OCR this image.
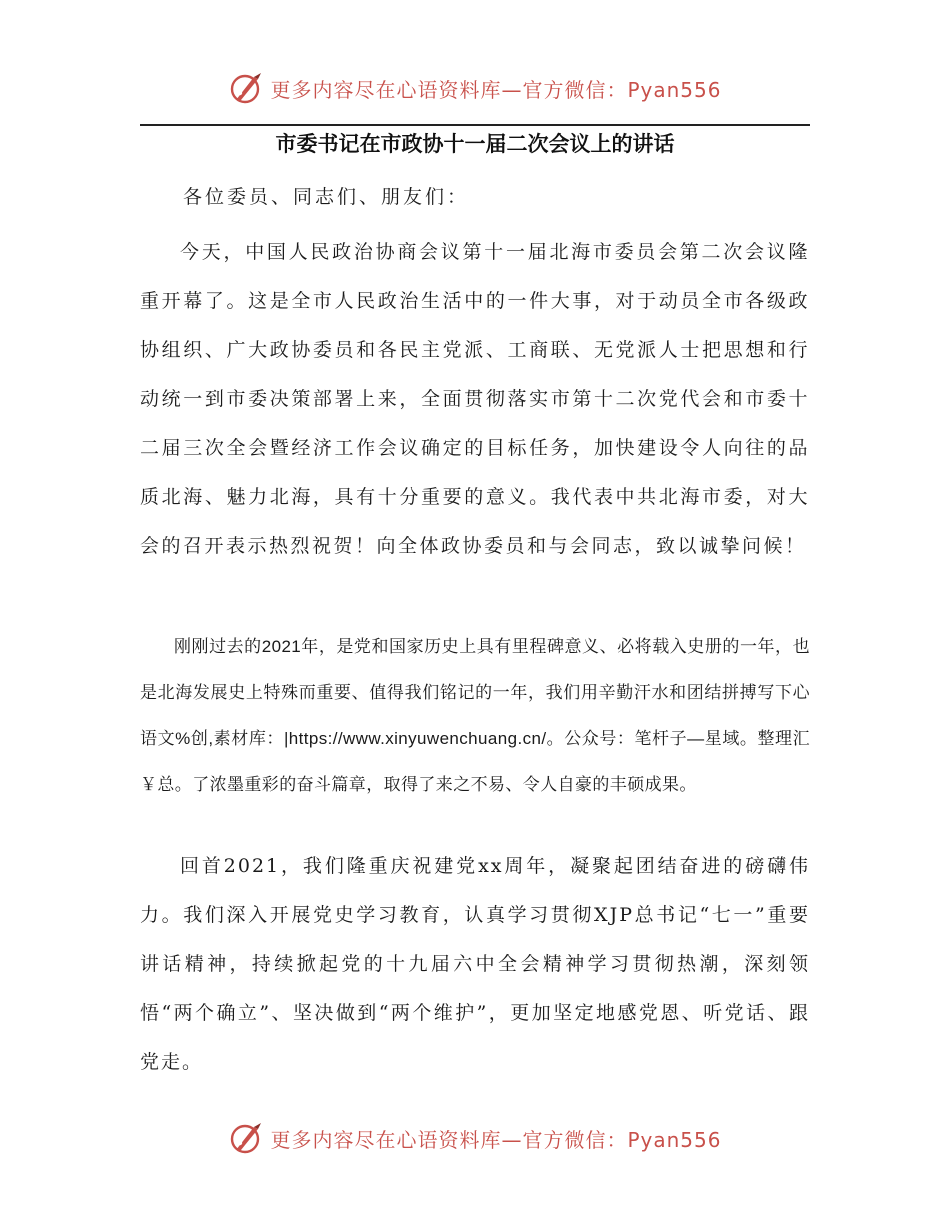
更多内容尽在心语资料库—官方微信：Pyan556
市委书记在市政协十一届二次会议上的讲话
各位委员、同志们、朋友们：

今天，中国人民政治协商会议第十一届北海市委员会第二次会议隆重开幕了。这是全市人民政治生活中的一件大事，对于动员全市各级政协组织、广大政协委员和各民主党派、工商联、无党派人士把思想和行动统一到市委决策部署上来，全面贯彻落实市第十二次党代会和市委十二届三次全会暨经济工作会议确定的目标任务，加快建设令人向往的品质北海、魅力北海，具有十分重要的意义。我代表中共北海市委，对大会的召开表示热烈祝贺！向全体政协委员和与会同志，致以诚挚问候！

刚刚过去的2021年，是党和国家历史上具有里程碑意义、必将载入史册的一年，也是北海发展史上特殊而重要、值得我们铭记的一年，我们用辛勤汗水和团结拼搏写下心语文%创,素材库：|https://www.xinyuwenchuang.cn/。公众号：笔杆子—星域。整理汇￥总。了浓墨重彩的奋斗篇章，取得了来之不易、令人自豪的丰硕成果。

回首2021，我们隆重庆祝建党xx周年，凝聚起团结奋进的磅礴伟力。我们深入开展党史学习教育，认真学习贯彻XJP总书记“七一”重要讲话精神，持续掀起党的十九届六中全会精神学习贯彻热潮，深刻领悟“两个确立”、坚决做到“两个维护”，更加坚定地感党恩、听党话、跟党走。

更多内容尽在心语资料库—官方微信：Pyan556
